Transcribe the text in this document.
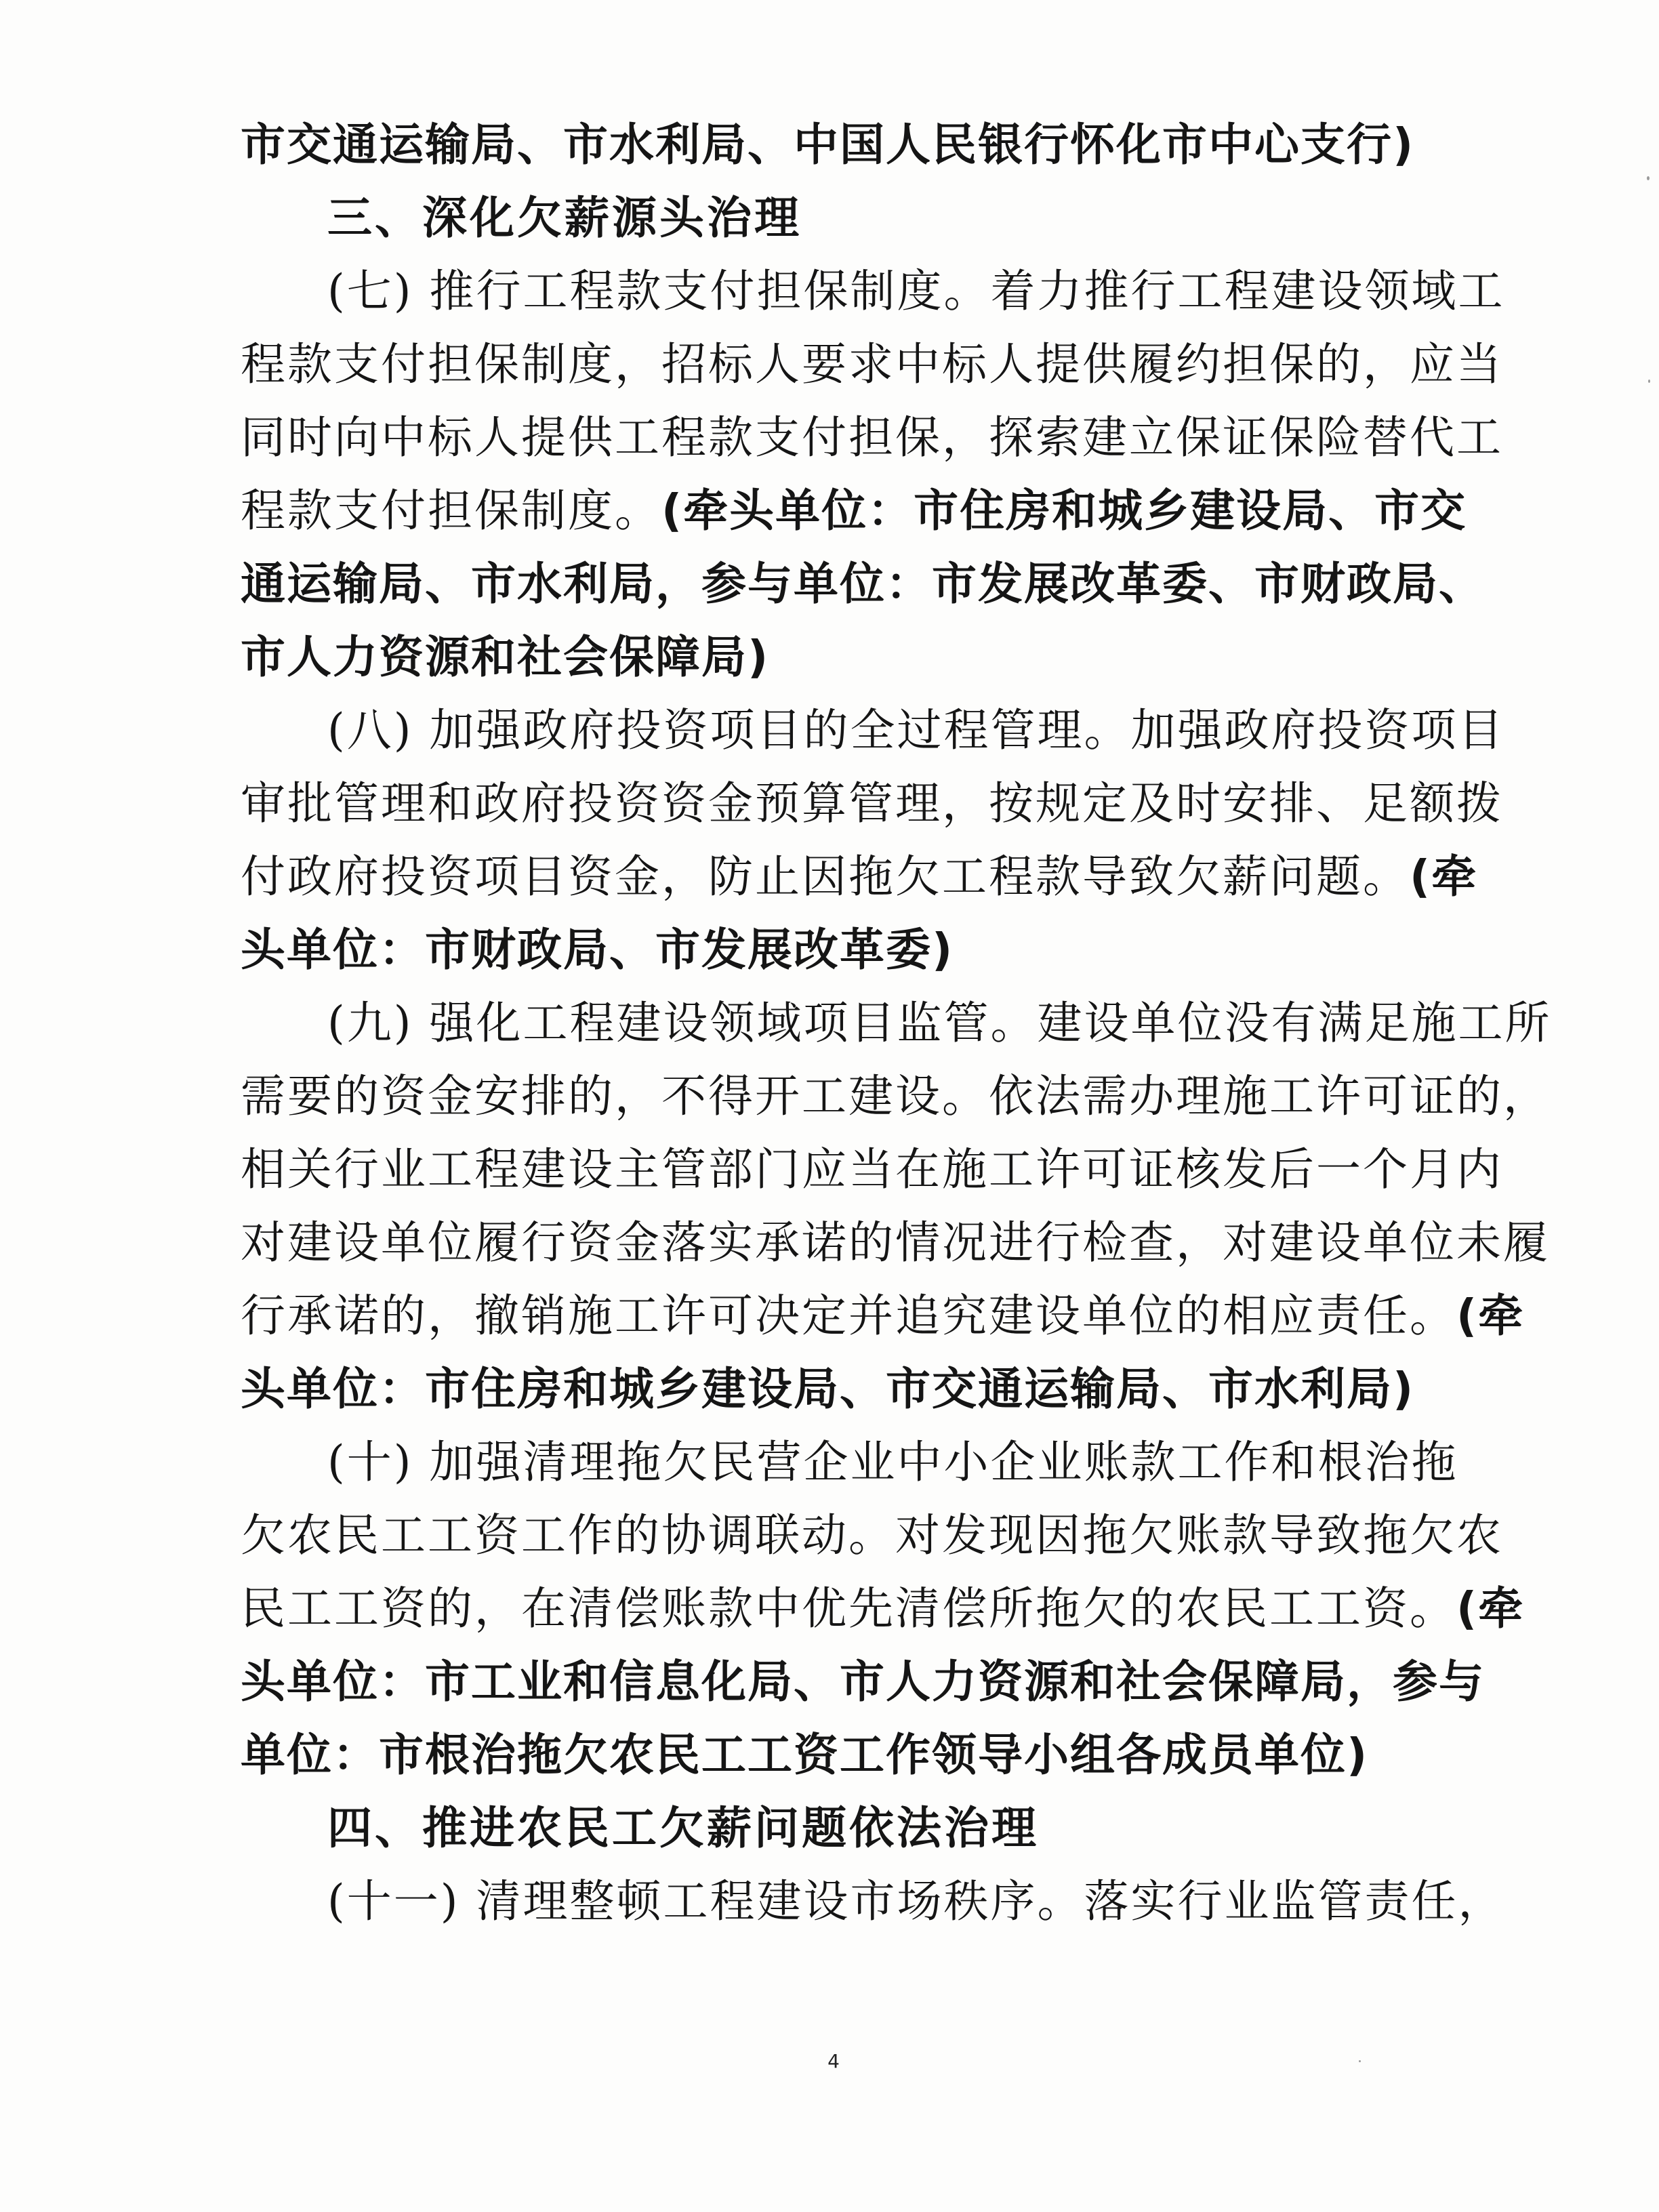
市交通运输局、市水利局、中国人民银行怀化市中心支行)
三、深化欠薪源头治理
(七) 推行工程款支付担保制度。着力推行工程建设领域工
程款支付担保制度，招标人要求中标人提供履约担保的，应当
同时向中标人提供工程款支付担保，探索建立保证保险替代工
程款支付担保制度。(牵头单位：市住房和城乡建设局、市交
通运输局、市水利局，参与单位：市发展改革委、市财政局、
市人力资源和社会保障局)
(八) 加强政府投资项目的全过程管理。加强政府投资项目
审批管理和政府投资资金预算管理，按规定及时安排、足额拨
付政府投资项目资金，防止因拖欠工程款导致欠薪问题。(牵
头单位：市财政局、市发展改革委)
(九) 强化工程建设领域项目监管。建设单位没有满足施工所
需要的资金安排的，不得开工建设。依法需办理施工许可证的，
相关行业工程建设主管部门应当在施工许可证核发后一个月内
对建设单位履行资金落实承诺的情况进行检查，对建设单位未履
行承诺的，撤销施工许可决定并追究建设单位的相应责任。(牵
头单位：市住房和城乡建设局、市交通运输局、市水利局)
(十) 加强清理拖欠民营企业中小企业账款工作和根治拖
欠农民工工资工作的协调联动。对发现因拖欠账款导致拖欠农
民工工资的，在清偿账款中优先清偿所拖欠的农民工工资。(牵
头单位：市工业和信息化局、市人力资源和社会保障局，参与
单位：市根治拖欠农民工工资工作领导小组各成员单位)
四、推进农民工欠薪问题依法治理
(十一) 清理整顿工程建设市场秩序。落实行业监管责任，
4
